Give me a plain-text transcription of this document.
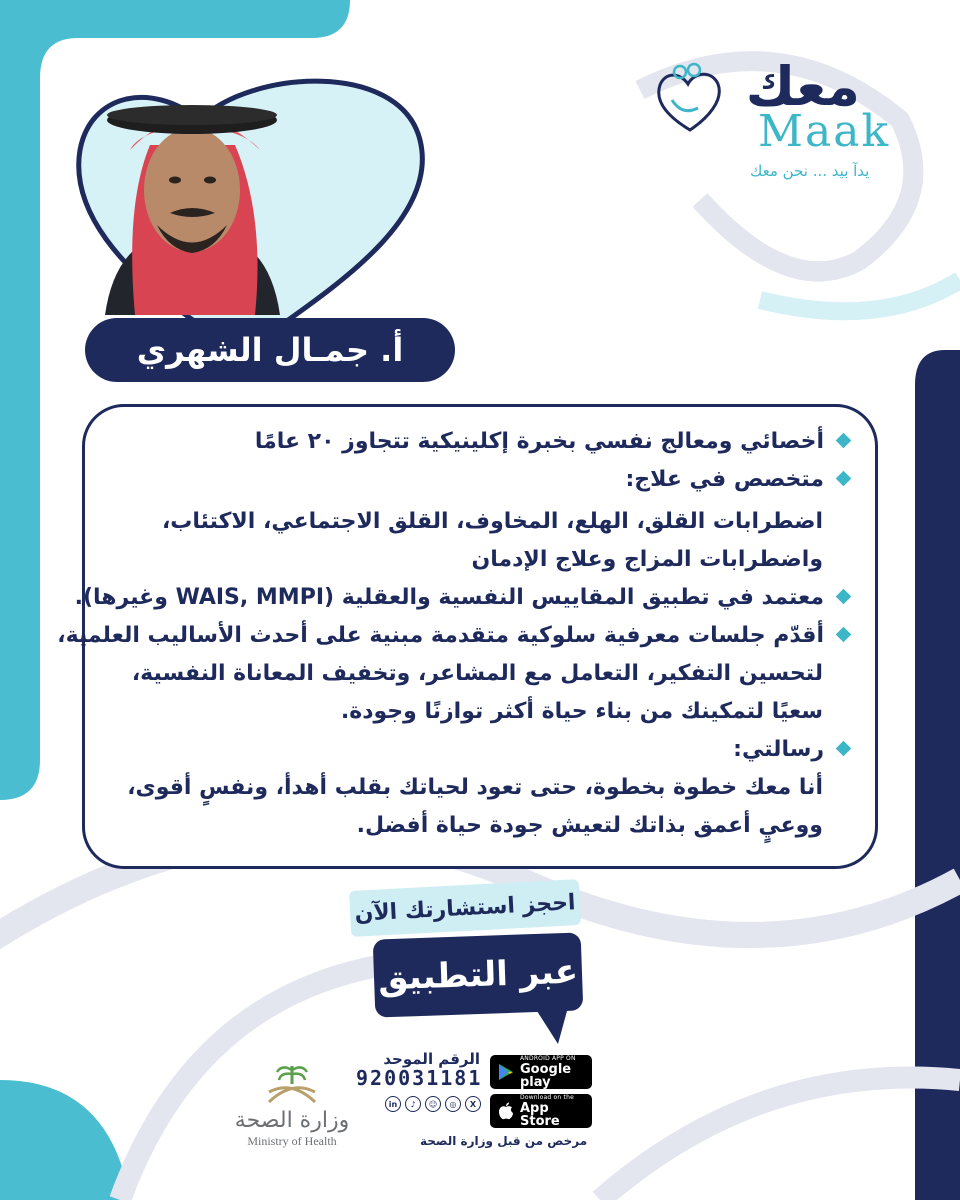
معك
Maak
يدآ بيد ... نحن معك
أ. جمـال الشهري
أخصائي ومعالج نفسي بخبرة إكلينيكية تتجاوز ٢٠ عامًا
متخصص في علاج:
اضطرابات القلق، الهلع، المخاوف، القلق الاجتماعي، الاكتئاب،
واضطرابات المزاج وعلاج الإدمان
معتمد في تطبيق المقاييس النفسية والعقلية (WAIS, MMPI وغيرها).
أقدّم جلسات معرفية سلوكية متقدمة مبنية على أحدث الأساليب العلمية،
لتحسين التفكير، التعامل مع المشاعر، وتخفيف المعاناة النفسية،
سعيًا لتمكينك من بناء حياة أكثر توازنًا وجودة.
رسالتي:
أنا معك خطوة بخطوة، حتى تعود لحياتك بقلب أهدأ، ونفسٍ أقوى،
ووعيٍ أعمق بذاتك لتعيش جودة حياة أفضل.
احجز استشارتك الآن
عبر التطبيق
الرقم الموحد
920031181
in	♪	☺	◎	X
ANDROID APP ON
Google play
Download on the
App Store
مرخص من قبل وزارة الصحة
وزارة الصحة
Ministry of Health
